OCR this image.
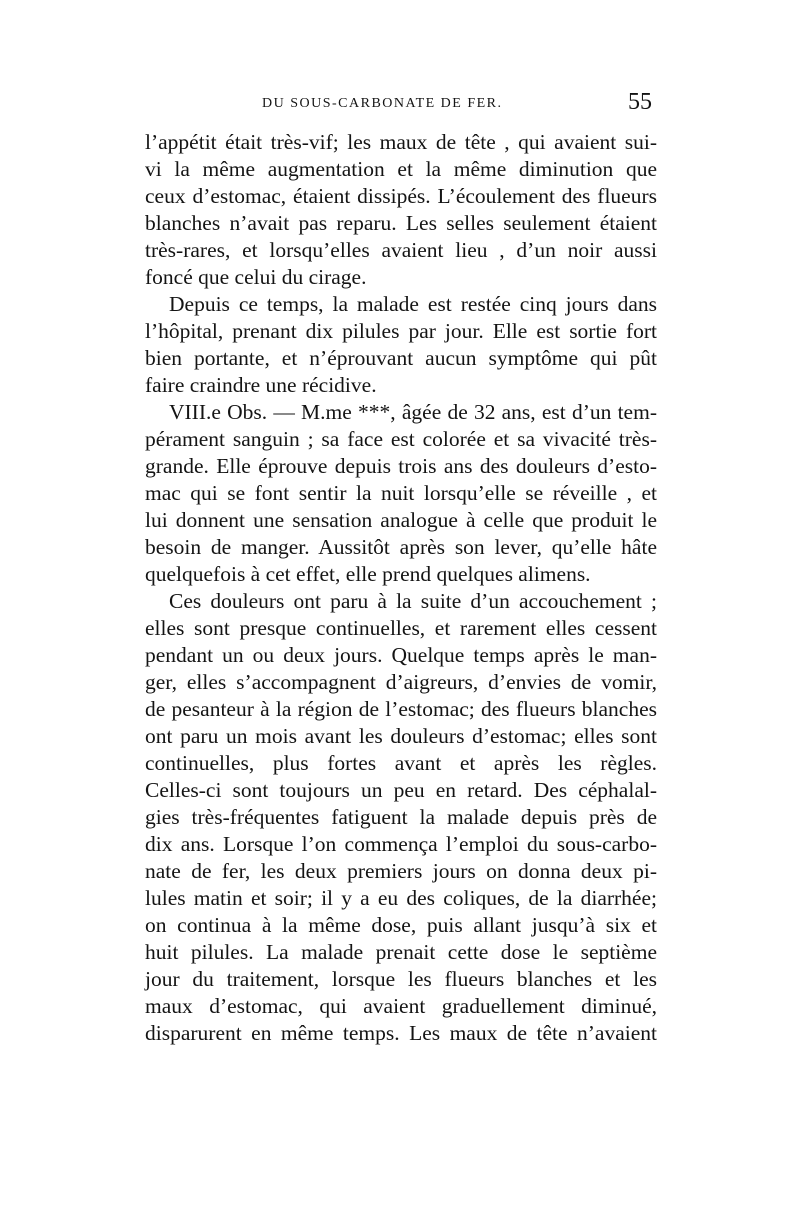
DU SOUS-CARBONATE DE FER.	55
l’appétit était très-vif; les maux de tête , qui avaient sui-
vi la même augmentation et la même diminution que
ceux d’estomac, étaient dissipés. L’écoulement des flueurs
blanches n’avait pas reparu. Les selles seulement étaient
très-rares, et lorsqu’elles avaient lieu , d’un noir aussi
foncé que celui du cirage.
Depuis ce temps, la malade est restée cinq jours dans
l’hôpital, prenant dix pilules par jour. Elle est sortie fort
bien portante, et n’éprouvant aucun symptôme qui pût
faire craindre une récidive.
VIII.e Obs. — M.me ***, âgée de 32 ans, est d’un tem-
pérament sanguin ; sa face est colorée et sa vivacité très-
grande. Elle éprouve depuis trois ans des douleurs d’esto-
mac qui se font sentir la nuit lorsqu’elle se réveille , et
lui donnent une sensation analogue à celle que produit le
besoin de manger. Aussitôt après son lever, qu’elle hâte
quelquefois à cet effet, elle prend quelques alimens.
Ces douleurs ont paru à la suite d’un accouchement ;
elles sont presque continuelles, et rarement elles cessent
pendant un ou deux jours. Quelque temps après le man-
ger, elles s’accompagnent d’aigreurs, d’envies de vomir,
de pesanteur à la région de l’estomac; des flueurs blanches
ont paru un mois avant les douleurs d’estomac; elles sont
continuelles, plus fortes avant et après les règles.
Celles-ci sont toujours un peu en retard. Des céphalal-
gies très-fréquentes fatiguent la malade depuis près de
dix ans. Lorsque l’on commença l’emploi du sous-carbo-
nate de fer, les deux premiers jours on donna deux pi-
lules matin et soir; il y a eu des coliques, de la diarrhée;
on continua à la même dose, puis allant jusqu’à six et
huit pilules. La malade prenait cette dose le septième
jour du traitement, lorsque les flueurs blanches et les
maux d’estomac, qui avaient graduellement diminué,
disparurent en même temps. Les maux de tête n’avaient
